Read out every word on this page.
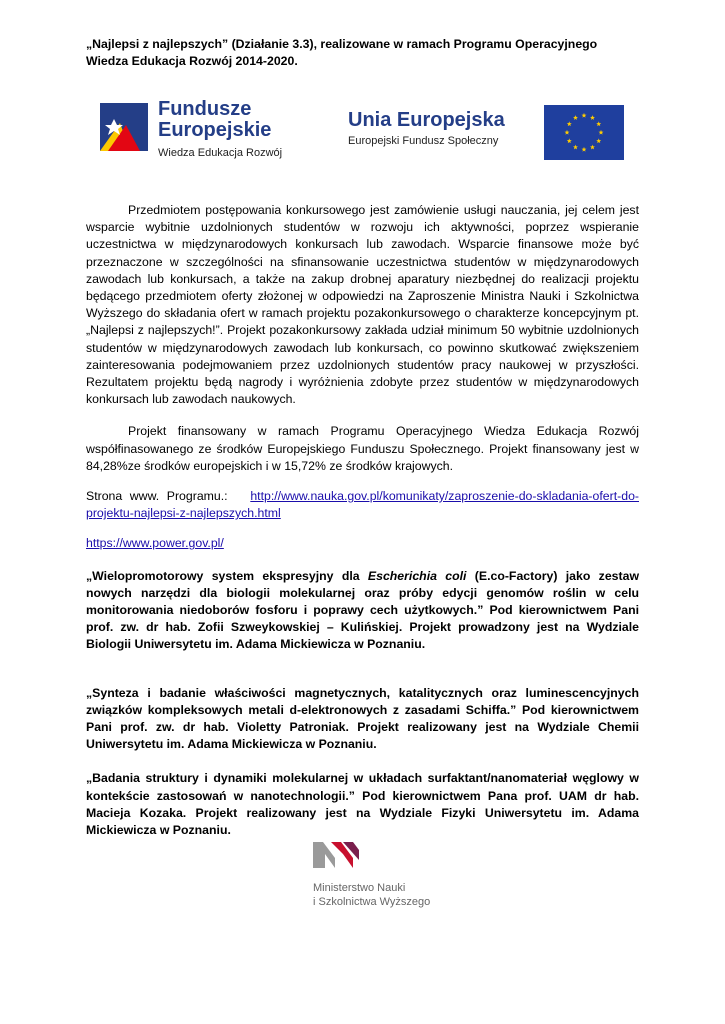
„Najlepsi z najlepszych” (Działanie 3.3), realizowane w ramach Programu Operacyjnego Wiedza Edukacja Rozwój 2014-2020.
Fundusze
Europejskie
Wiedza Edukacja Rozwój
Unia Europejska
Europejski Fundusz Społeczny

Przedmiotem postępowania konkursowego jest zamówienie usługi nauczania, jej celem jest wsparcie wybitnie uzdolnionych studentów w rozwoju ich aktywności, poprzez wspieranie uczestnictwa w międzynarodowych konkursach lub zawodach. Wsparcie finansowe może być przeznaczone w szczególności na sfinansowanie uczestnictwa studentów w międzynarodowych zawodach lub konkursach, a także na zakup drobnej aparatury niezbędnej do realizacji projektu będącego przedmiotem oferty złożonej w odpowiedzi na Zaproszenie Ministra Nauki i Szkolnictwa Wyższego do składania ofert w ramach projektu pozakonkursowego o charakterze koncepcyjnym pt. „Najlepsi z najlepszych!”. Projekt pozakonkursowy zakłada udział minimum 50 wybitnie uzdolnionych studentów w międzynarodowych zawodach lub konkursach, co powinno skutkować zwiększeniem zainteresowania podejmowaniem przez uzdolnionych studentów pracy naukowej w przyszłości. Rezultatem projektu będą nagrody i wyróżnienia zdobyte przez studentów w międzynarodowych konkursach lub zawodach naukowych.

Projekt finansowany w ramach Programu Operacyjnego Wiedza Edukacja Rozwój współfinasowanego ze środków Europejskiego Funduszu Społecznego. Projekt finansowany jest w 84,28%ze środków europejskich i w 15,72% ze środków krajowych.

Strona www. Programu.: http://www.nauka.gov.pl/komunikaty/zaproszenie-do-skladania-ofert-do-projektu-najlepsi-z-najlepszych.html

https://www.power.gov.pl/

„Wielopromotorowy system ekspresyjny dla Escherichia coli (E.co-Factory) jako zestaw nowych narzędzi dla biologii molekularnej oraz próby edycji genomów roślin w celu monitorowania niedoborów fosforu i poprawy cech użytkowych.” Pod kierownictwem Pani prof. zw. dr hab. Zofii Szweykowskiej – Kulińskiej. Projekt prowadzony jest na Wydziale Biologii Uniwersytetu im. Adama Mickiewicza w Poznaniu.

„Synteza i badanie właściwości magnetycznych, katalitycznych oraz luminescencyjnych związków kompleksowych metali d-elektronowych z zasadami Schiffa.” Pod kierownictwem Pani prof. zw. dr hab. Violetty Patroniak. Projekt realizowany jest na Wydziale Chemii Uniwersytetu im. Adama Mickiewicza w Poznaniu.

„Badania struktury i dynamiki molekularnej w układach surfaktant/nanomateriał węglowy w kontekście zastosowań w nanotechnologii.” Pod kierownictwem Pana prof. UAM dr hab. Macieja Kozaka. Projekt realizowany jest na Wydziale Fizyki Uniwersytetu im. Adama Mickiewicza w Poznaniu.

Ministerstwo Nauki
i Szkolnictwa Wyższego
